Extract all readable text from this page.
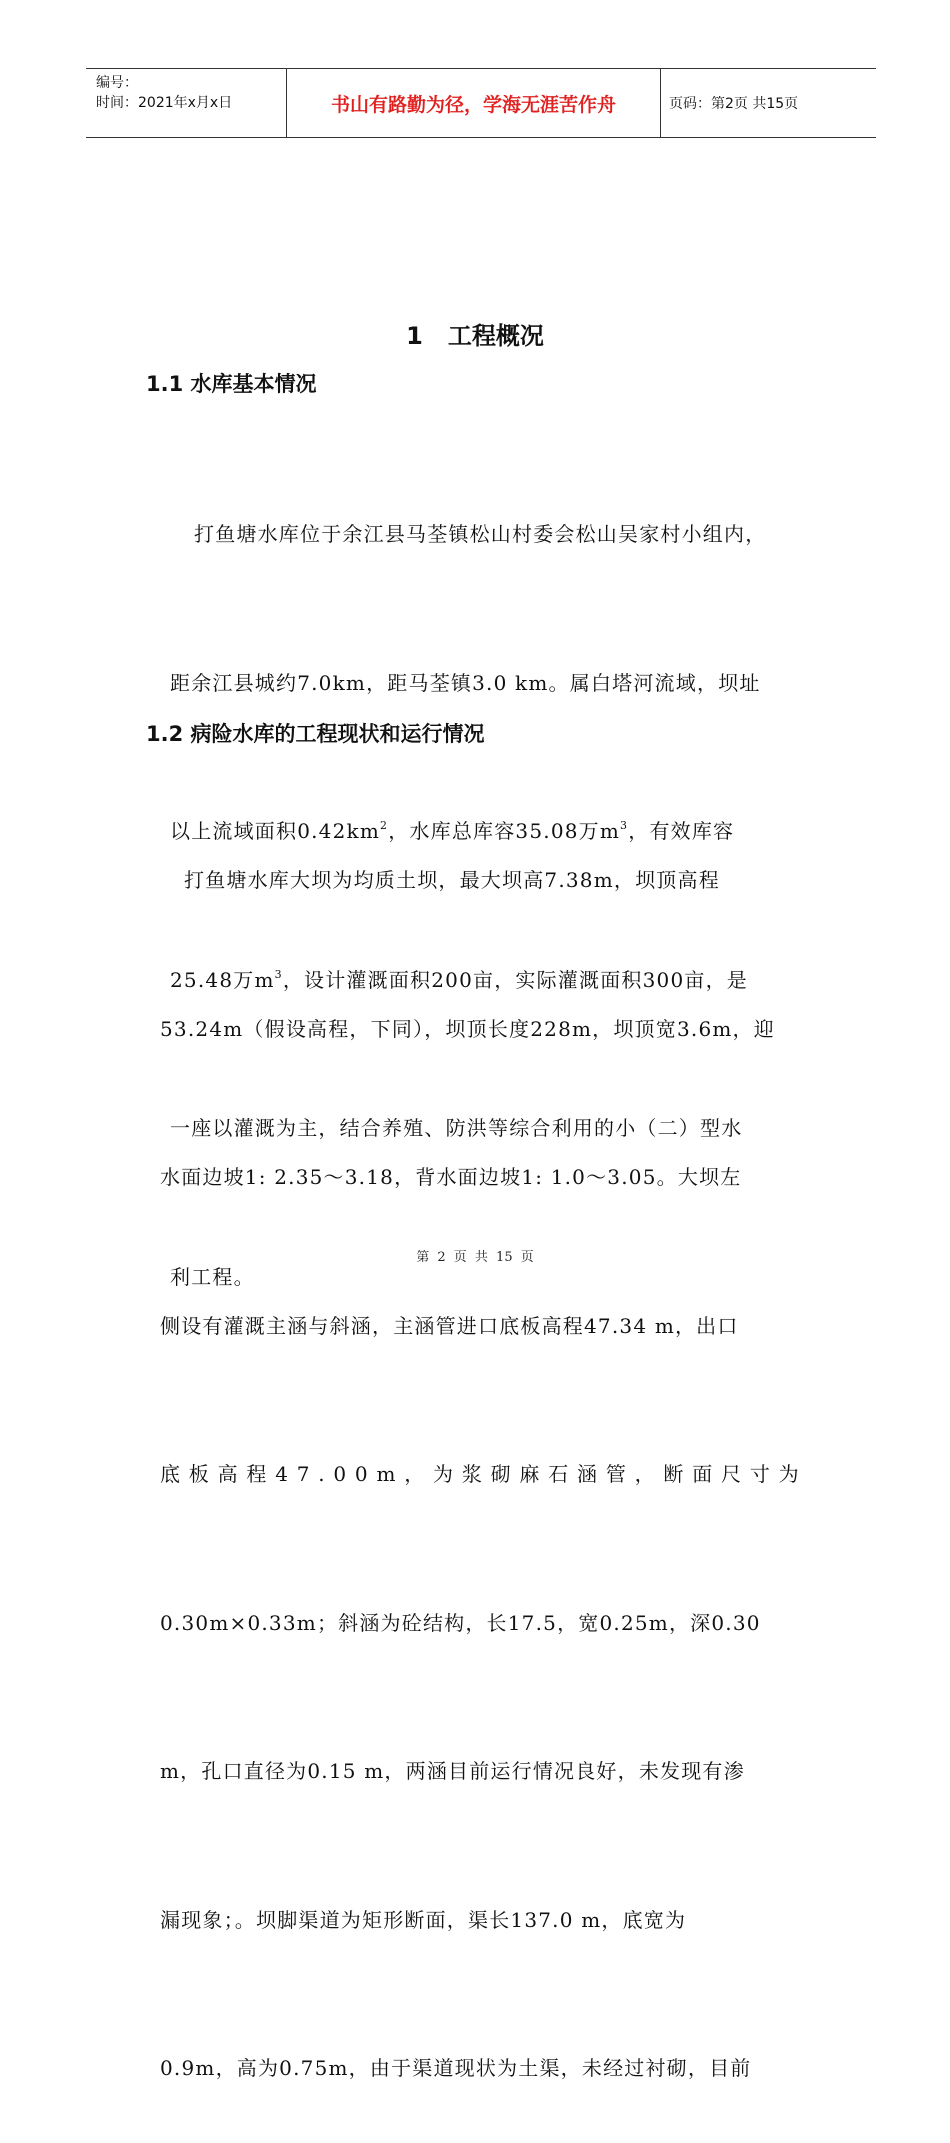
编号：
时间：2021年x月x日	书山有路勤为径，学海无涯苦作舟	页码：第2页 共15页
1   工程概况
1.1 水库基本情况

打鱼塘水库位于余江县马荃镇松山村委会松山吴家村小组内，

距余江县城约7.0km，距马荃镇3.0 km。属白塔河流域，坝址

以上流域面积$0.42km^2$，水库总库容35.08万$m^3$，有效库容

25.48万$m^3$，设计灌溉面积200亩，实际灌溉面积300亩，是

一座以灌溉为主，结合养殖、防洪等综合利用的小（二）型水

利工程。

1.2 病险水库的工程现状和运行情况

打鱼塘水库大坝为均质土坝，最大坝高7.38m，坝顶高程

53.24m（假设高程，下同），坝顶长度228m，坝顶宽3.6m，迎

水面边坡1: 2.35～3.18，背水面边坡1: 1.0～3.05。大坝左

侧设有灌溉主涵与斜涵，主涵管进口底板高程47.34 m，出口

底板高程47.00m，为浆砌麻石涵管，断面尺寸为

0.30m×0.33m；斜涵为砼结构，长17.5，宽0.25m，深0.30

m，孔口直径为0.15 m，两涵目前运行情况良好，未发现有渗

漏现象；。坝脚渠道为矩形断面，渠长137.0 m，底宽为

0.9m，高为0.75m，由于渠道现状为土渠，未经过衬砌，目前

第 2 页 共 15 页
